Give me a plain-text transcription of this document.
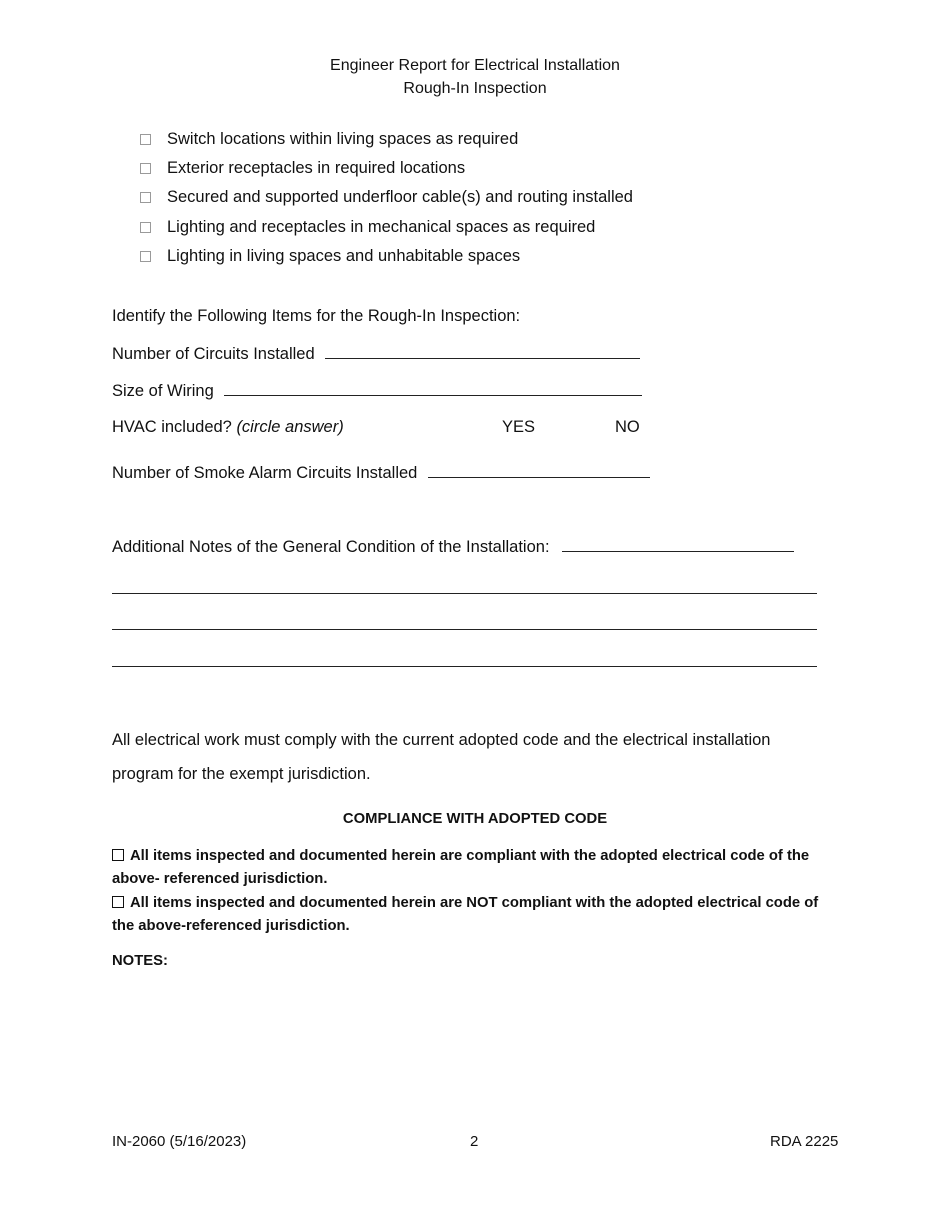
Engineer Report for Electrical Installation
Rough-In Inspection
Switch locations within living spaces as required
Exterior receptacles in required locations
Secured and supported underfloor cable(s) and routing installed
Lighting and receptacles in mechanical spaces as required
Lighting in living spaces and unhabitable spaces
Identify the Following Items for the Rough-In Inspection:
Number of Circuits Installed
Size of Wiring
HVAC included? (circle answer)	YES	NO
Number of Smoke Alarm Circuits Installed
Additional Notes of the General Condition of the Installation:
All electrical work must comply with the current adopted code and the electrical installation
program for the exempt jurisdiction.
COMPLIANCE WITH ADOPTED CODE
All items inspected and documented herein are compliant with the adopted electrical code of the above- referenced jurisdiction.
All items inspected and documented herein are NOT compliant with the adopted electrical code of the above-referenced jurisdiction.
NOTES:
IN-2060 (5/16/2023)	2	RDA 2225
